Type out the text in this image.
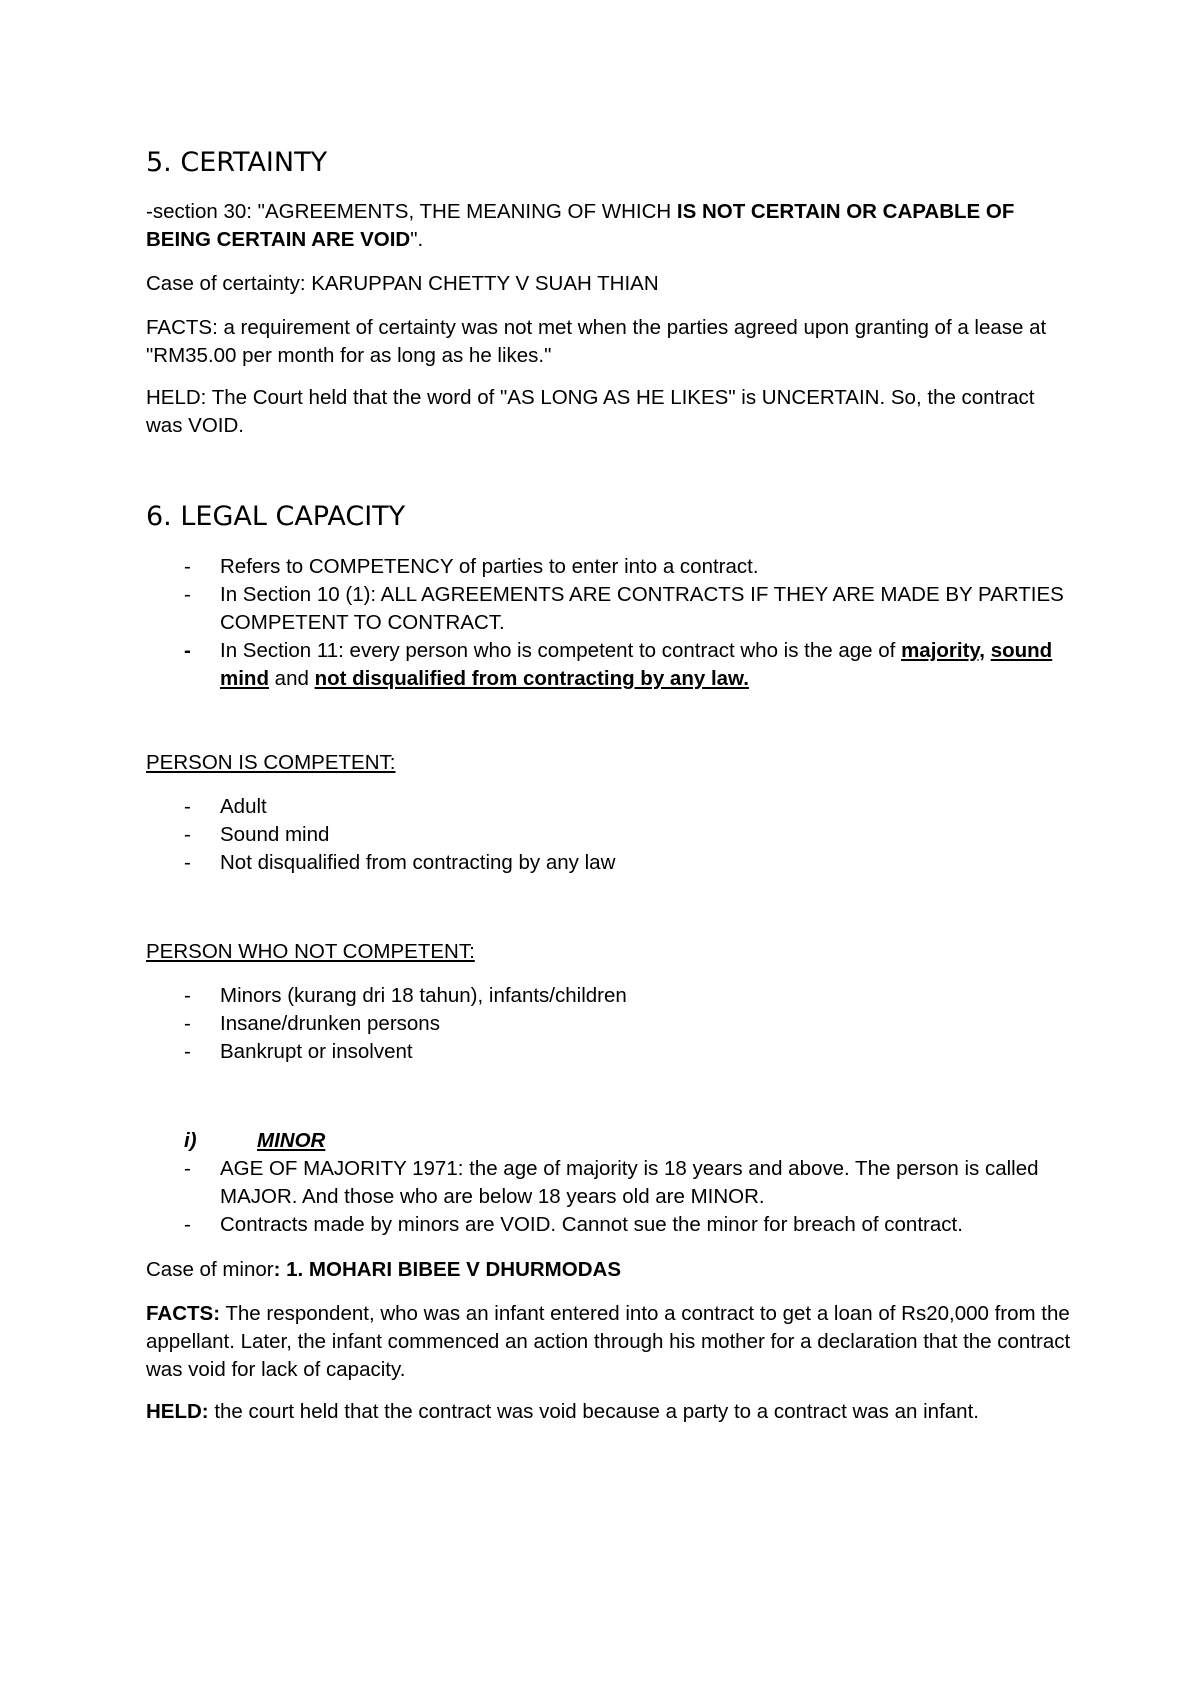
5. CERTAINTY

-section 30: "AGREEMENTS, THE MEANING OF WHICH IS NOT CERTAIN OR CAPABLE OF BEING CERTAIN ARE VOID".

Case of certainty: KARUPPAN CHETTY V SUAH THIAN

FACTS: a requirement of certainty was not met when the parties agreed upon granting of a lease at "RM35.00 per month for as long as he likes."

HELD: The Court held that the word of "AS LONG AS HE LIKES" is UNCERTAIN. So, the contract was VOID.

6. LEGAL CAPACITY
- Refers to COMPETENCY of parties to enter into a contract.
- In Section 10 (1): ALL AGREEMENTS ARE CONTRACTS IF THEY ARE MADE BY PARTIES COMPETENT TO CONTRACT.
- In Section 11: every person who is competent to contract who is the age of majority, sound mind and not disqualified from contracting by any law.

PERSON IS COMPETENT:

- Adult
- Sound mind
- Not disqualified from contracting by any law

PERSON WHO NOT COMPETENT:

- Minors (kurang dri 18 tahun), infants/children
- Insane/drunken persons
- Bankrupt or insolvent
i)	MINOR
- AGE OF MAJORITY 1971: the age of majority is 18 years and above. The person is called MAJOR. And those who are below 18 years old are MINOR.
- Contracts made by minors are VOID. Cannot sue the minor for breach of contract.

Case of minor: 1. MOHARI BIBEE V DHURMODAS

FACTS: The respondent, who was an infant entered into a contract to get a loan of Rs20,000 from the appellant. Later, the infant commenced an action through his mother for a declaration that the contract was void for lack of capacity.

HELD: the court held that the contract was void because a party to a contract was an infant.
